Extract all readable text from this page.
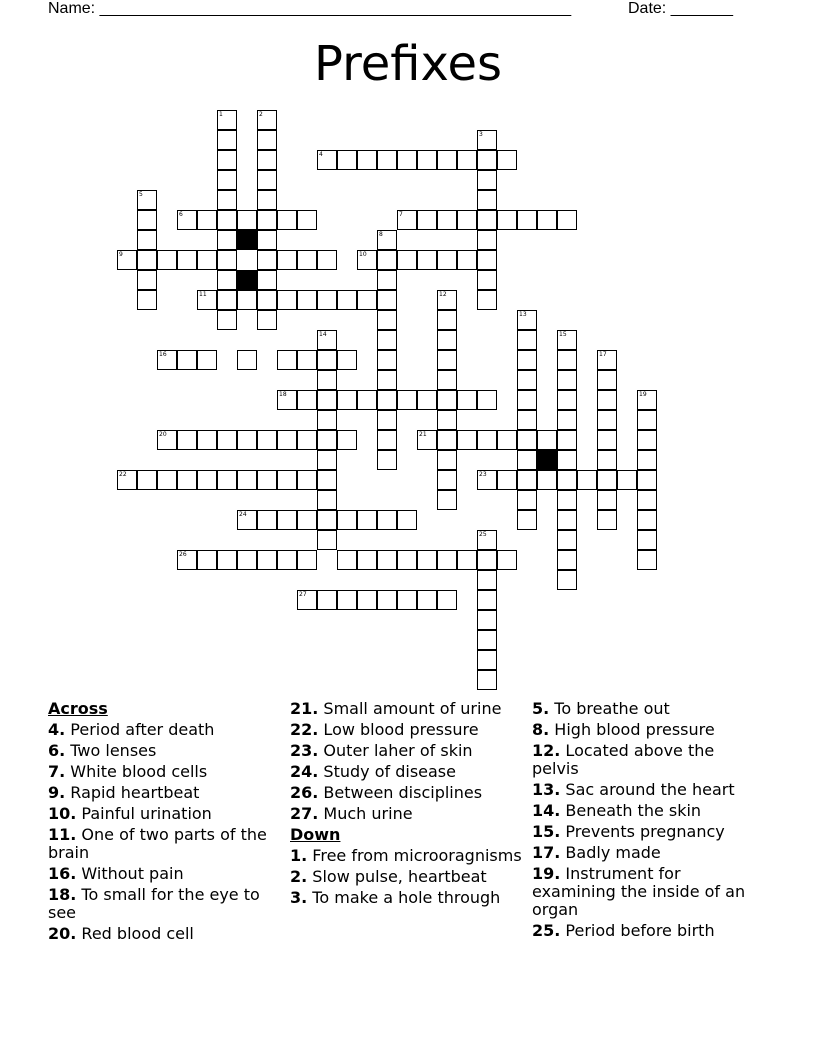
Name: _____________________________________________________	Date: _______
Prefixes
1	2
3
4
5
6	7
8
9	10
11	12
13
15
14
17
16
18	19
20	21
22	23
24
26
25
27
Across
4. Period after death
6. Two lenses
7. White blood cells
9. Rapid heartbeat
10. Painful urination
11. One of two parts of the brain
16. Without pain
18. To small for the eye to see
20. Red blood cell
21. Small amount of urine
22. Low blood pressure
23. Outer laher of skin
24. Study of disease
26. Between disciplines
27. Much urine
Down
1. Free from microoragnisms
2. Slow pulse, heartbeat
3. To make a hole through
5. To breathe out
8. High blood pressure
12. Located above the pelvis
13. Sac around the heart
14. Beneath the skin
15. Prevents pregnancy
17. Badly made
19. Instrument for examining the inside of an organ
25. Period before birth
